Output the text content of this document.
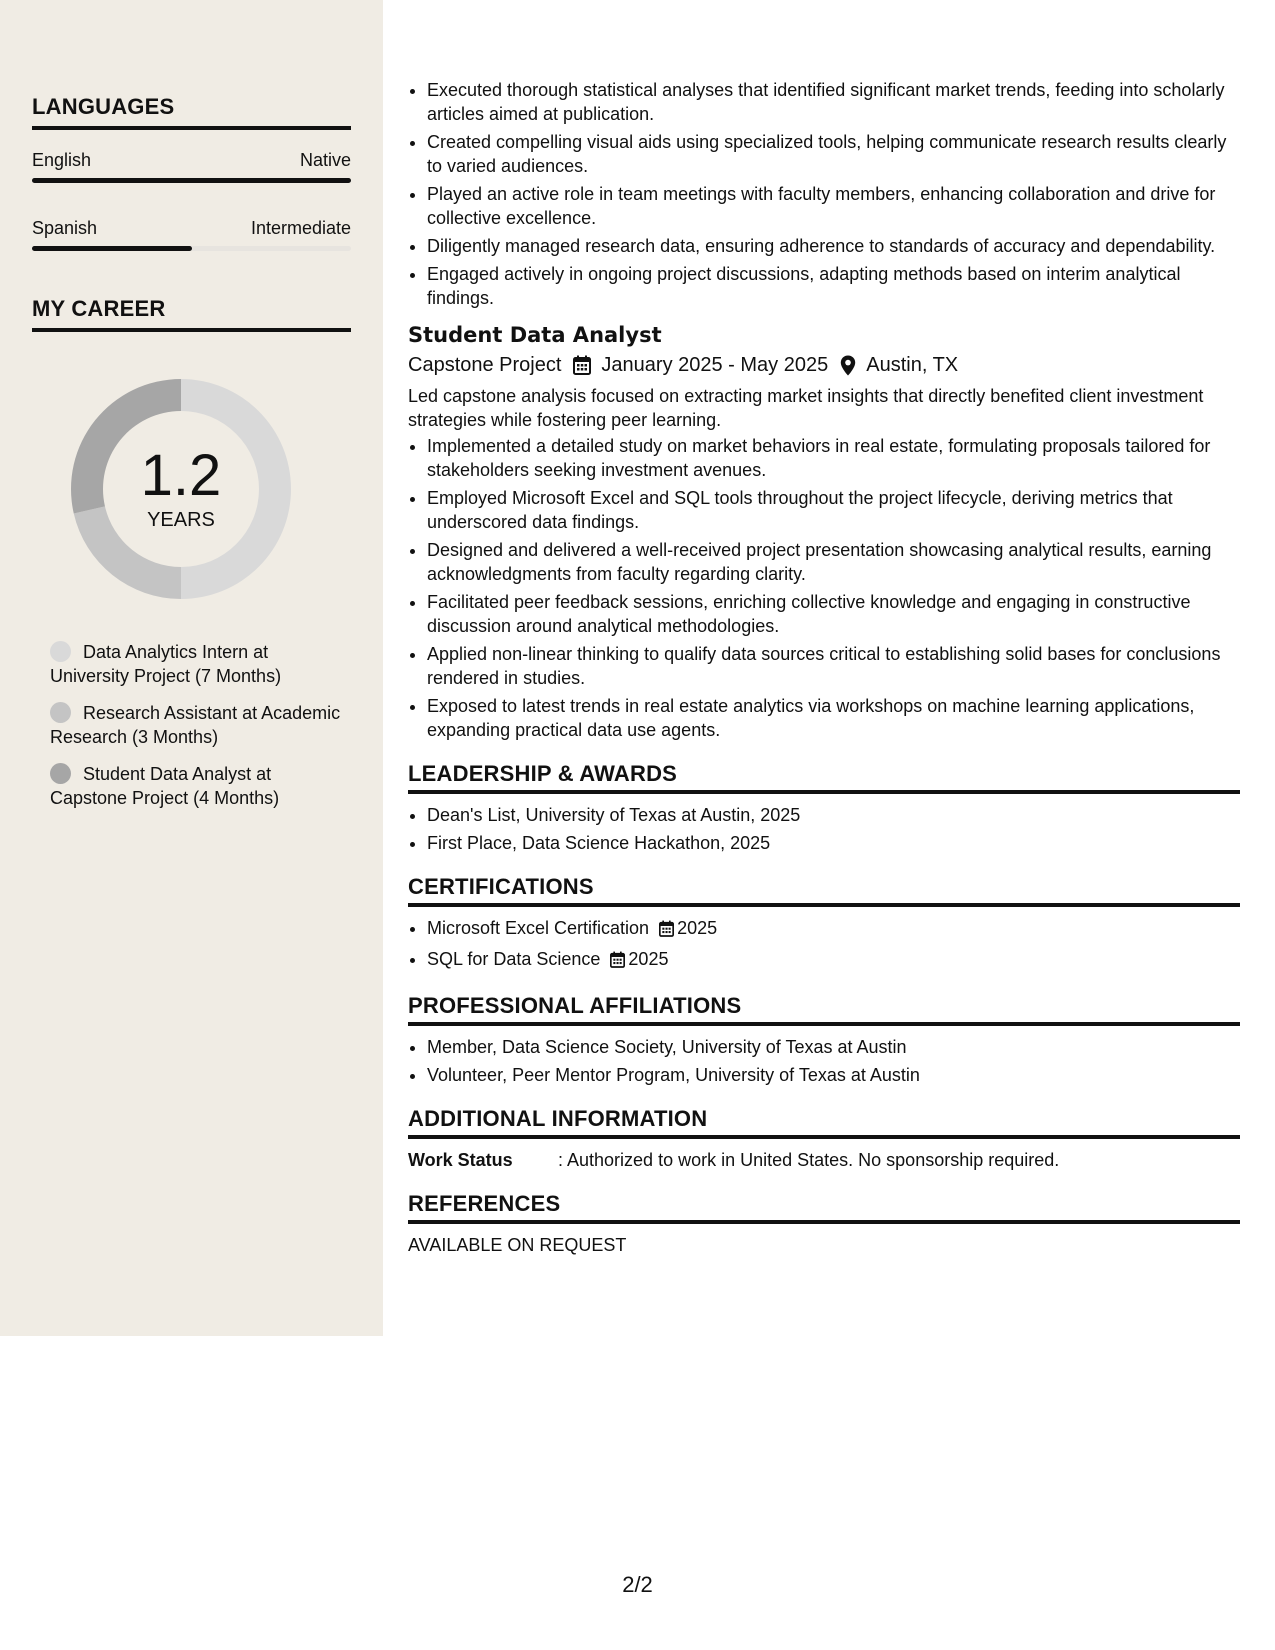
LANGUAGES
English	Native
Spanish	Intermediate
MY CAREER
1.2
YEARS
Data Analytics Intern at University Project (7 Months)
Research Assistant at Academic Research (3 Months)
Student Data Analyst at Capstone Project (4 Months)
• Executed thorough statistical analyses that identified significant market trends, feeding into scholarly articles aimed at publication.
• Created compelling visual aids using specialized tools, helping communicate research results clearly to varied audiences.
• Played an active role in team meetings with faculty members, enhancing collaboration and drive for collective excellence.
• Diligently managed research data, ensuring adherence to standards of accuracy and dependability.
• Engaged actively in ongoing project discussions, adapting methods based on interim analytical findings.
Student Data Analyst
Capstone Project January 2025 - May 2025 Austin, TX

Led capstone analysis focused on extracting market insights that directly benefited client investment strategies while fostering peer learning.

• Implemented a detailed study on market behaviors in real estate, formulating proposals tailored for stakeholders seeking investment avenues.
• Employed Microsoft Excel and SQL tools throughout the project lifecycle, deriving metrics that underscored data findings.
• Designed and delivered a well-received project presentation showcasing analytical results, earning acknowledgments from faculty regarding clarity.
• Facilitated peer feedback sessions, enriching collective knowledge and engaging in constructive discussion around analytical methodologies.
• Applied non-linear thinking to qualify data sources critical to establishing solid bases for conclusions rendered in studies.
• Exposed to latest trends in real estate analytics via workshops on machine learning applications, expanding practical data use agents.
LEADERSHIP & AWARDS
• Dean's List, University of Texas at Austin, 2025
• First Place, Data Science Hackathon, 2025
CERTIFICATIONS
• Microsoft Excel Certification 2025
• SQL for Data Science 2025
PROFESSIONAL AFFILIATIONS
• Member, Data Science Society, University of Texas at Austin
• Volunteer, Peer Mentor Program, University of Texas at Austin
ADDITIONAL INFORMATION
Work Status	: Authorized to work in United States. No sponsorship required.
REFERENCES

AVAILABLE ON REQUEST

2/2
